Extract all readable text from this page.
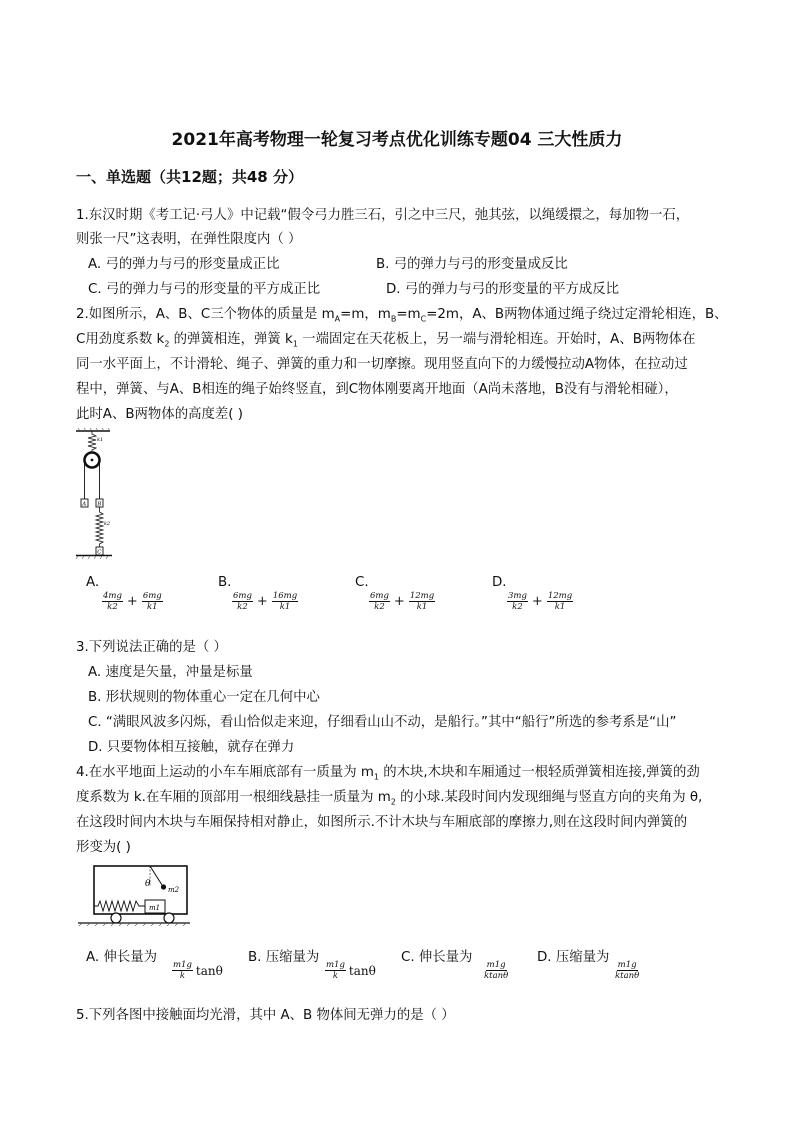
2021年高考物理一轮复习考点优化训练专题04 三大性质力
一、单选题（共12题；共48 分）
1.东汉时期《考工记·弓人》中记载“假令弓力胜三石，引之中三尺，弛其弦，以绳缓擐之，每加物一石，
则张一尺”这表明，在弹性限度内（ ）
A. 弓的弹力与弓的形变量成正比	B. 弓的弹力与弓的形变量成反比
C. 弓的弹力与弓的形变量的平方成正比	D. 弓的弹力与弓的形变量的平方成反比
2.如图所示，A、B、C三个物体的质量是 $m_A=m$，$m_B=m_C=2m$，A、B两物体通过绳子绕过定滑轮相连，B、
C用劲度系数 $k_2$ 的弹簧相连，弹簧 $k_1$ 一端固定在天花板上，另一端与滑轮相连。开始时，A、B两物体在
同一水平面上，不计滑轮、绳子、弹簧的重力和一切摩擦。现用竖直向下的力缓慢拉动A物体，在拉动过
程中，弹簧、与A、B相连的绳子始终竖直，到C物体刚要离开地面（A尚未落地，B没有与滑轮相碰），
此时A、B两物体的高度差( )
k1
A B
k2
C
A.
$\frac{4mg}{k2} + \frac{6mg}{k1}$
B.
$\frac{6mg}{k2} + \frac{16mg}{k1}$
C.
$\frac{6mg}{k2} + \frac{12mg}{k1}$
D.
$\frac{3mg}{k2} + \frac{12mg}{k1}$
3.下列说法正确的是（ ）
A. 速度是矢量，冲量是标量
B. 形状规则的物体重心一定在几何中心
C. “满眼风波多闪烁，看山恰似走来迎，仔细看山山不动，是船行。”其中“船行”所选的参考系是“山”
D. 只要物体相互接触，就存在弹力
4.在水平地面上运动的小车车厢底部有一质量为 $m_1$ 的木块,木块和车厢通过一根轻质弹簧相连接,弹簧的劲
度系数为 k.在车厢的顶部用一根细线悬挂一质量为 $m_2$ 的小球.某段时间内发现细绳与竖直方向的夹角为 θ,
在这段时间内木块与车厢保持相对静止，如图所示.不计木块与车厢底部的摩擦力,则在这段时间内弹簧的
形变为( )
θ
m2
m1
A. 伸长量为
$\frac{m1g}{k}$ tanθ
B. 压缩量为
$\frac{m1g}{k}$ tanθ
C. 伸长量为
$\frac{m1g}{ktan\theta}$
D. 压缩量为
$\frac{m1g}{ktan\theta}$
5.下列各图中接触面均光滑，其中 A、B 物体间无弹力的是（ ）
